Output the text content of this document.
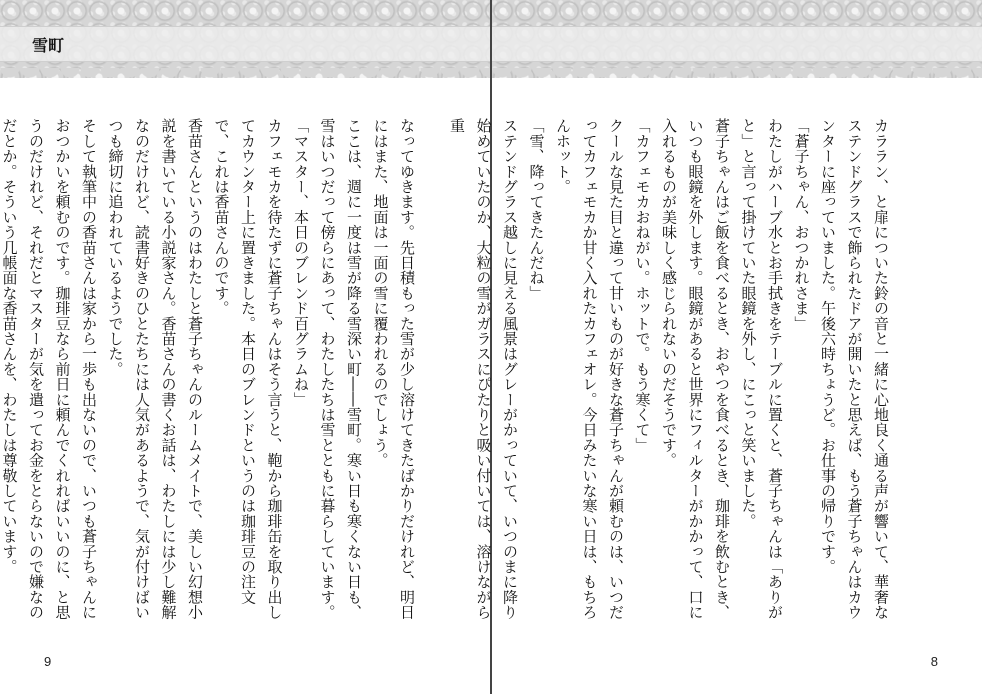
雪町

なってゆきます。先日積もった雪が少し溶けてきたばかりだけれど、明日にはまた、地面は一面の雪に覆われるのでしょう。

ここは、週に一度は雪が降る雪深い町――雪町。寒い日も寒くない日も、雪はいつだって傍らにあって、わたしたちは雪とともに暮らしています。

「マスター、本日のブレンド百グラムね」

カフェモカを待たずに蒼子ちゃんはそう言うと、鞄から珈琲缶を取り出してカウンター上に置きました。本日のブレンドというのは珈琲豆の注文で、これは香苗さんのです。

香苗さんというのはわたしと蒼子ちゃんのルームメイトで、美しい幻想小説を書いている小説家さん。香苗さんの書くお話は、わたしには少し難解なのだけれど、読書好きのひとたちには人気があるようで、気が付けばいつも締切に追われているようでした。

そして執筆中の香苗さんは家から一歩も出ないので、いつも蒼子ちゃんにおつかいを頼むのです。珈琲豆なら前日に頼んでくれればいいのに、と思うのだけれど、それだとマスターが気を遣ってお金をとらないので嫌なのだとか。そういう几帳面な香苗さんを、わたしは尊敬しています。

9

カララン、と扉についた鈴の音と一緒に心地良く通る声が響いて、華奢なステンドグラスで飾られたドアが開いたと思えば、もう蒼子ちゃんはカウンターに座っていました。午後六時ちょうど。お仕事の帰りです。

「蒼子ちゃん、おつかれさま」

わたしがハーブ水とお手拭きをテーブルに置くと、蒼子ちゃんは「ありがと」と言って掛けていた眼鏡を外し、にこっと笑いました。

蒼子ちゃんはご飯を食べるとき、おやつを食べるとき、珈琲を飲むとき、いつも眼鏡を外します。眼鏡があると世界にフィルターがかかって、口に入れるものが美味しく感じられないのだそうです。

「カフェモカおねがい。ホットで。もう寒くて」

クールな見た目と違って甘いものが好きな蒼子ちゃんが頼むのは、いつだってカフェモカか甘く入れたカフェオレ。今日みたいな寒い日は、もちろんホット。

「雪、降ってきたんだね」

ステンドグラス越しに見える風景はグレーがかっていて、いつのまに降り始めていたのか、大粒の雪がガラスにぴたりと吸い付いては、溶けながら重

8
